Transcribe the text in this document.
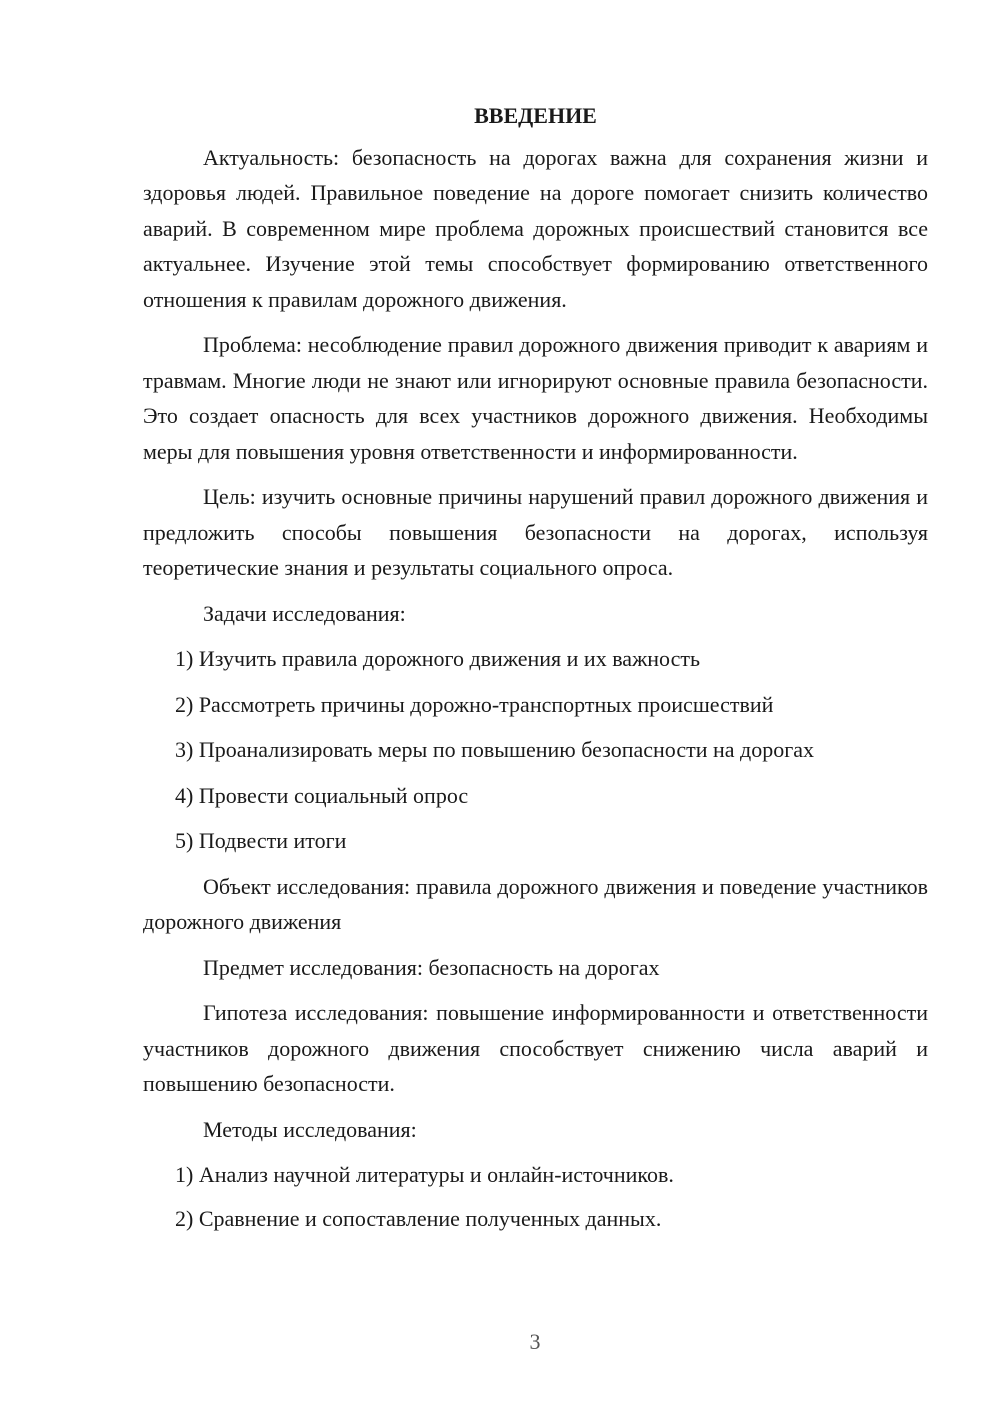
ВВЕДЕНИЕ

Актуальность: безопасность на дорогах важна для сохранения жизни и здоровья людей. Правильное поведение на дороге помогает снизить количество аварий. В современном мире проблема дорожных происшествий становится все актуальнее. Изучение этой темы способствует формированию ответственного отношения к правилам дорожного движения.

Проблема: несоблюдение правил дорожного движения приводит к авариям и травмам. Многие люди не знают или игнорируют основные правила безопасности. Это создает опасность для всех участников дорожного движения. Необходимы меры для повышения уровня ответственности и информированности.

Цель: изучить основные причины нарушений правил дорожного движения и предложить способы повышения безопасности на дорогах, используя теоретические знания и результаты социального опроса.

Задачи исследования:

1) Изучить правила дорожного движения и их важность
2) Рассмотреть причины дорожно-транспортных происшествий
3) Проанализировать меры по повышению безопасности на дорогах
4) Провести социальный опрос
5) Подвести итоги

Объект исследования: правила дорожного движения и поведение участников дорожного движения

Предмет исследования: безопасность на дорогах

Гипотеза исследования: повышение информированности и ответственности участников дорожного движения способствует снижению числа аварий и повышению безопасности.

Методы исследования:

1) Анализ научной литературы и онлайн-источников.
2) Сравнение и сопоставление полученных данных.
3
